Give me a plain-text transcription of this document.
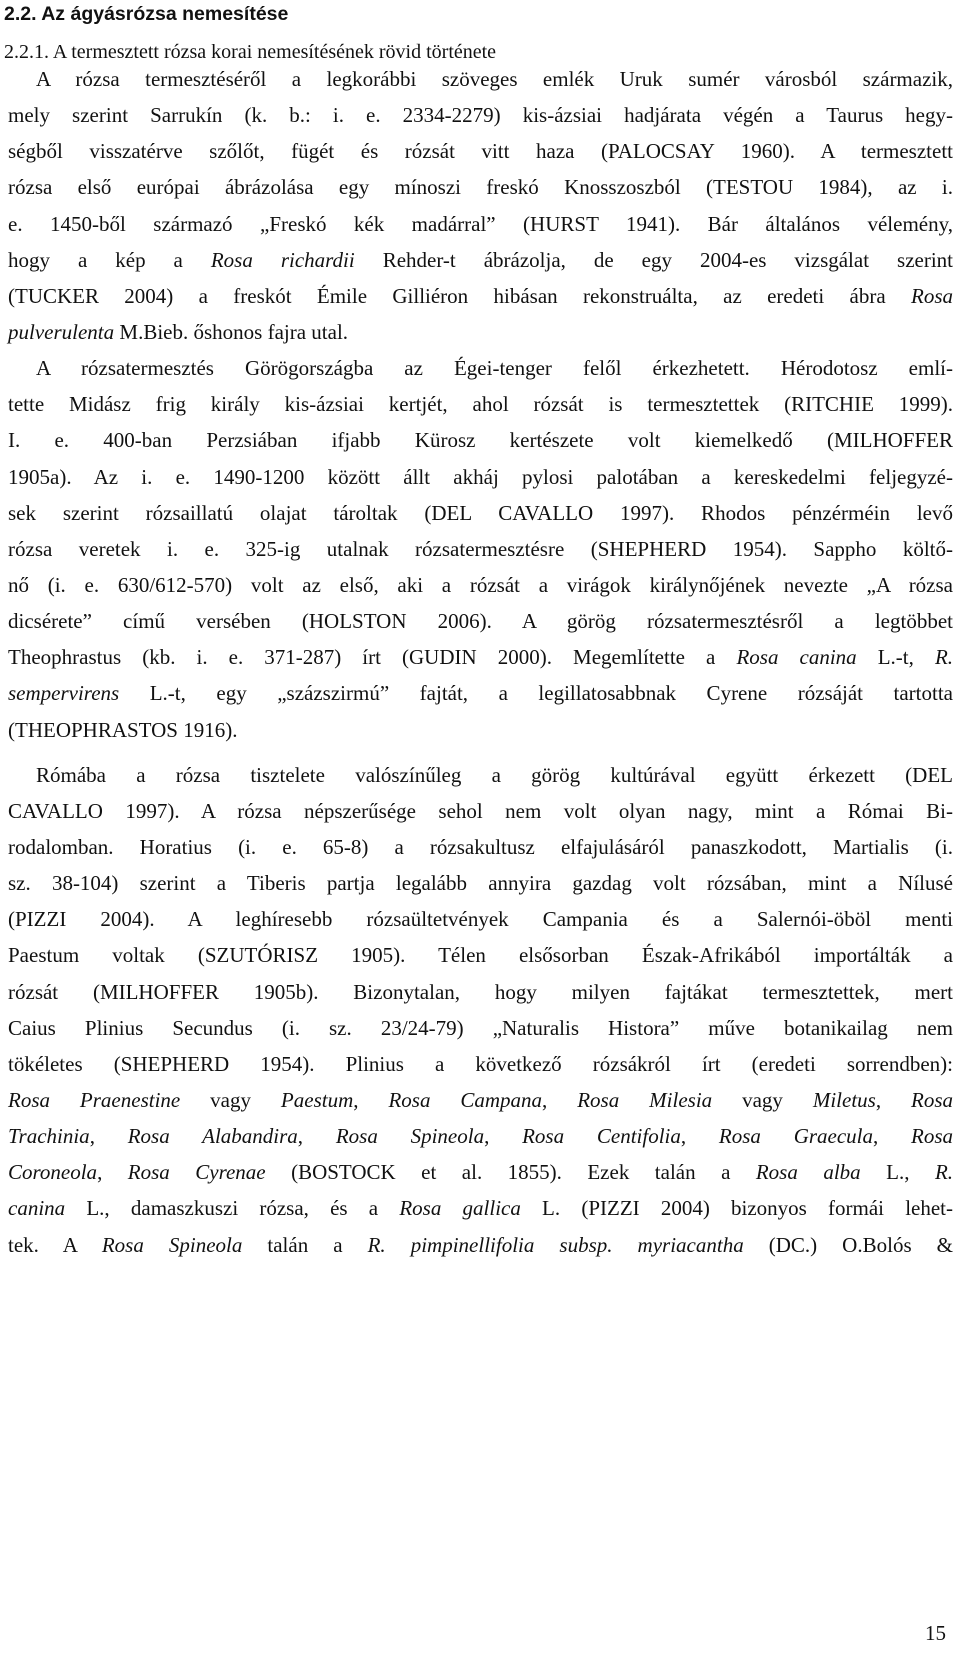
2.2. Az ágyásrózsa nemesítése
2.2.1. A termesztett rózsa korai nemesítésének rövid története
A rózsa termesztéséről a legkorábbi szöveges emlék Uruk sumér városból származik,
mely szerint Sarrukín (k. b.: i. e. 2334-2279) kis-ázsiai hadjárata végén a Taurus hegy-
ségből visszatérve szőlőt, fügét és rózsát vitt haza (PALOCSAY 1960). A termesztett
rózsa első európai ábrázolása egy mínoszi freskó Knosszoszból (TESTOU 1984), az i.
e. 1450-ből származó „Freskó kék madárral” (HURST 1941). Bár általános vélemény,
hogy a kép a Rosa richardii Rehder-t ábrázolja, de egy 2004-es vizsgálat szerint
(TUCKER 2004) a freskót Émile Gilliéron hibásan rekonstruálta, az eredeti ábra Rosa
pulverulenta M.Bieb. őshonos fajra utal.
A rózsatermesztés Görögországba az Égei-tenger felől érkezhetett. Hérodotosz emlí-
tette Midász frig király kis-ázsiai kertjét, ahol rózsát is termesztettek (RITCHIE 1999).
I. e. 400-ban Perzsiában ifjabb Kürosz kertészete volt kiemelkedő (MILHOFFER
1905a). Az i. e. 1490-1200 között állt akháj pylosi palotában a kereskedelmi feljegyzé-
sek szerint rózsaillatú olajat tároltak (DEL CAVALLO 1997). Rhodos pénzérméin levő
rózsa veretek i. e. 325-ig utalnak rózsatermesztésre (SHEPHERD 1954). Sappho költő-
nő (i. e. 630/612-570) volt az első, aki a rózsát a virágok királynőjének nevezte „A rózsa
dicsérete” című versében (HOLSTON 2006). A görög rózsatermesztésről a legtöbbet
Theophrastus (kb. i. e. 371-287) írt (GUDIN 2000). Megemlítette a Rosa canina L.-t, R.
sempervirens L.-t, egy „százszirmú” fajtát, a legillatosabbnak Cyrene rózsáját tartotta
(THEOPHRASTOS 1916).
Rómába a rózsa tisztelete valószínűleg a görög kultúrával együtt érkezett (DEL
CAVALLO 1997). A rózsa népszerűsége sehol nem volt olyan nagy, mint a Római Bi-
rodalomban. Horatius (i. e. 65-8) a rózsakultusz elfajulásáról panaszkodott, Martialis (i.
sz. 38-104) szerint a Tiberis partja legalább annyira gazdag volt rózsában, mint a Nílusé
(PIZZI 2004). A leghíresebb rózsaültetvények Campania és a Salernói-öböl menti
Paestum voltak (SZUTÓRISZ 1905). Télen elsősorban Észak-Afrikából importálták a
rózsát (MILHOFFER 1905b). Bizonytalan, hogy milyen fajtákat termesztettek, mert
Caius Plinius Secundus (i. sz. 23/24-79) „Naturalis Histora” műve botanikailag nem
tökéletes (SHEPHERD 1954). Plinius a következő rózsákról írt (eredeti sorrendben):
Rosa Praenestine vagy Paestum, Rosa Campana, Rosa Milesia vagy Miletus, Rosa
Trachinia, Rosa Alabandira, Rosa Spineola, Rosa Centifolia, Rosa Graecula, Rosa
Coroneola, Rosa Cyrenae (BOSTOCK et al. 1855). Ezek talán a Rosa alba L., R.
canina L., damaszkuszi rózsa, és a Rosa gallica L. (PIZZI 2004) bizonyos formái lehet-
tek. A Rosa Spineola talán a R. pimpinellifolia subsp. myriacantha (DC.) O.Bolós &
15
